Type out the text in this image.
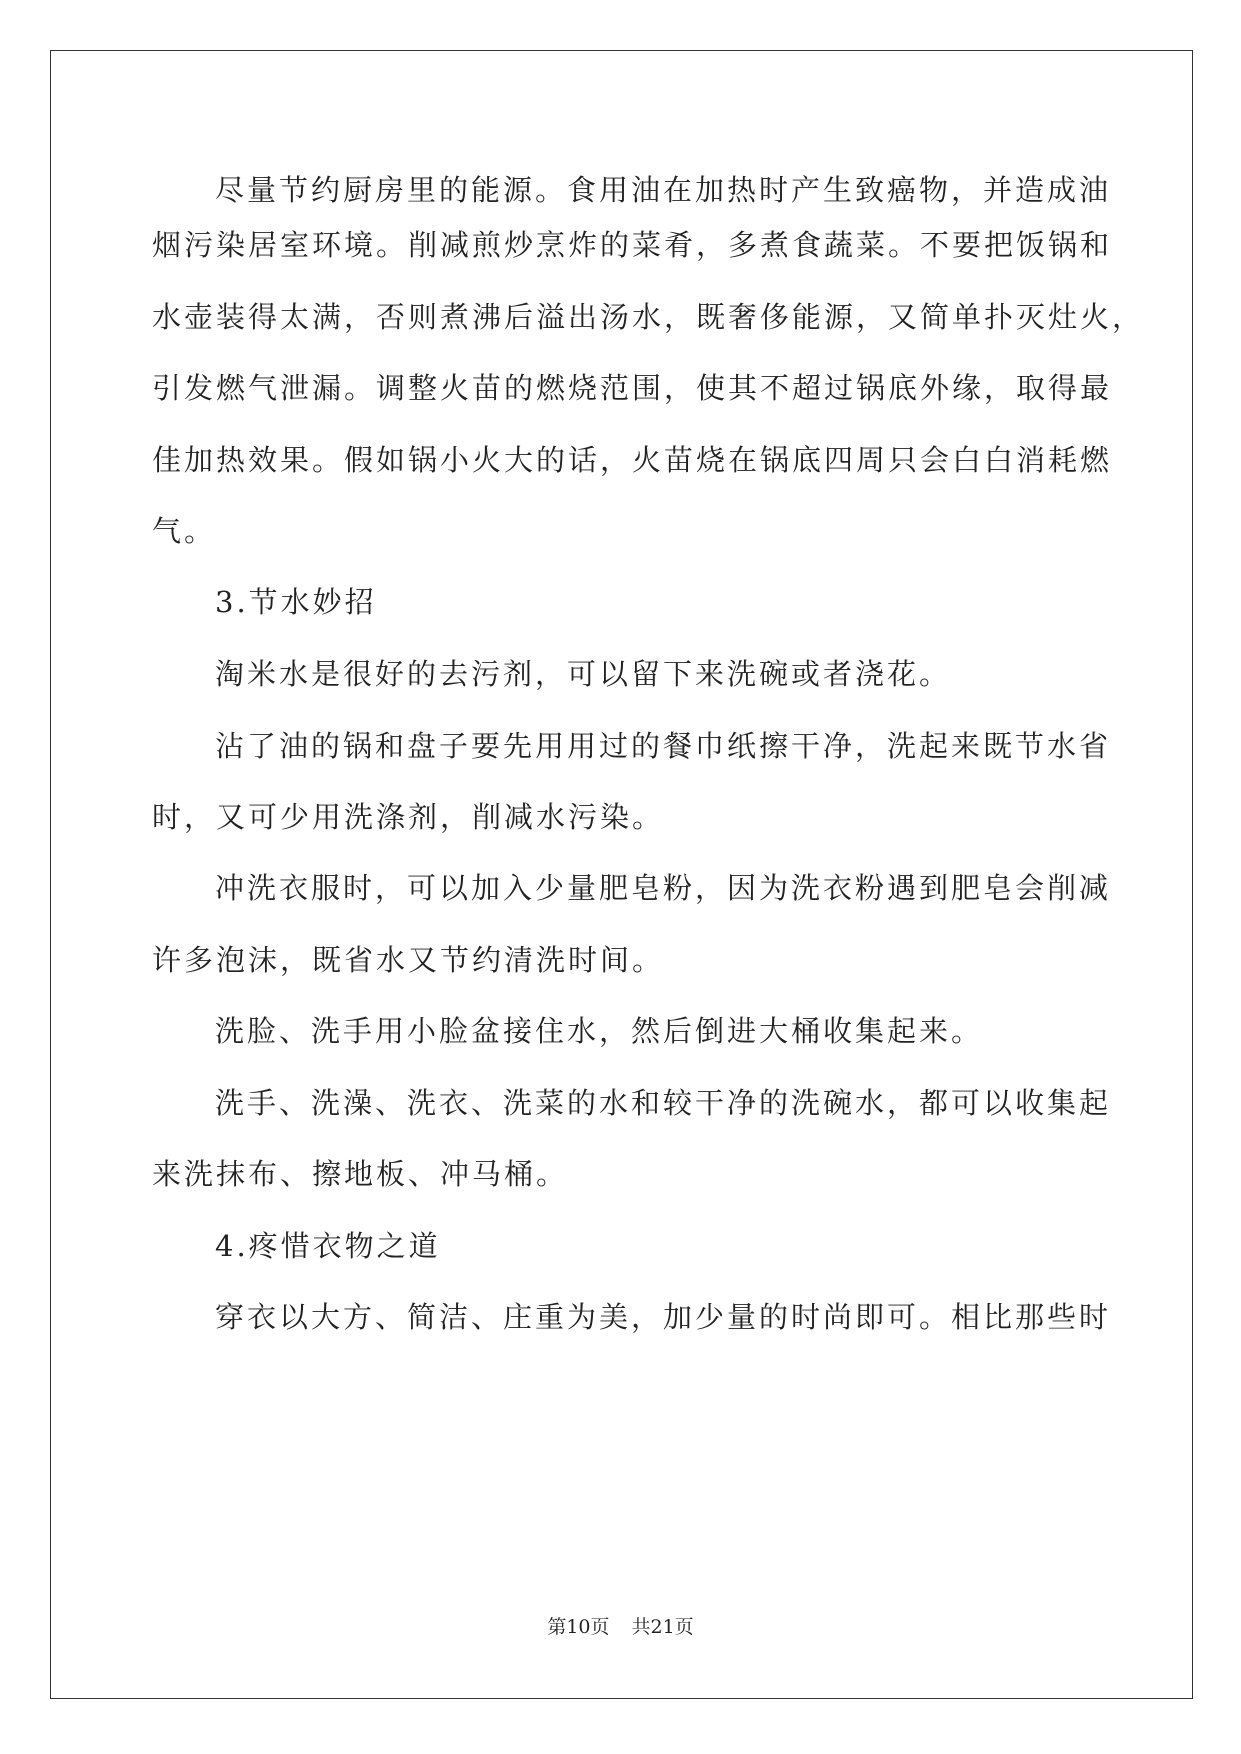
尽量节约厨房里的能源。食用油在加热时产生致癌物，并造成油
烟污染居室环境。削减煎炒烹炸的菜肴，多煮食蔬菜。不要把饭锅和
水壶装得太满，否则煮沸后溢出汤水，既奢侈能源，又简单扑灭灶火，
引发燃气泄漏。调整火苗的燃烧范围，使其不超过锅底外缘，取得最
佳加热效果。假如锅小火大的话，火苗烧在锅底四周只会白白消耗燃
气。
3.节水妙招
淘米水是很好的去污剂，可以留下来洗碗或者浇花。
沾了油的锅和盘子要先用用过的餐巾纸擦干净，洗起来既节水省
时，又可少用洗涤剂，削减水污染。
冲洗衣服时，可以加入少量肥皂粉，因为洗衣粉遇到肥皂会削减
许多泡沫，既省水又节约清洗时间。
洗脸、洗手用小脸盆接住水，然后倒进大桶收集起来。
洗手、洗澡、洗衣、洗菜的水和较干净的洗碗水，都可以收集起
来洗抹布、擦地板、冲马桶。
4.疼惜衣物之道
穿衣以大方、简洁、庄重为美，加少量的时尚即可。相比那些时
第10页 共21页
